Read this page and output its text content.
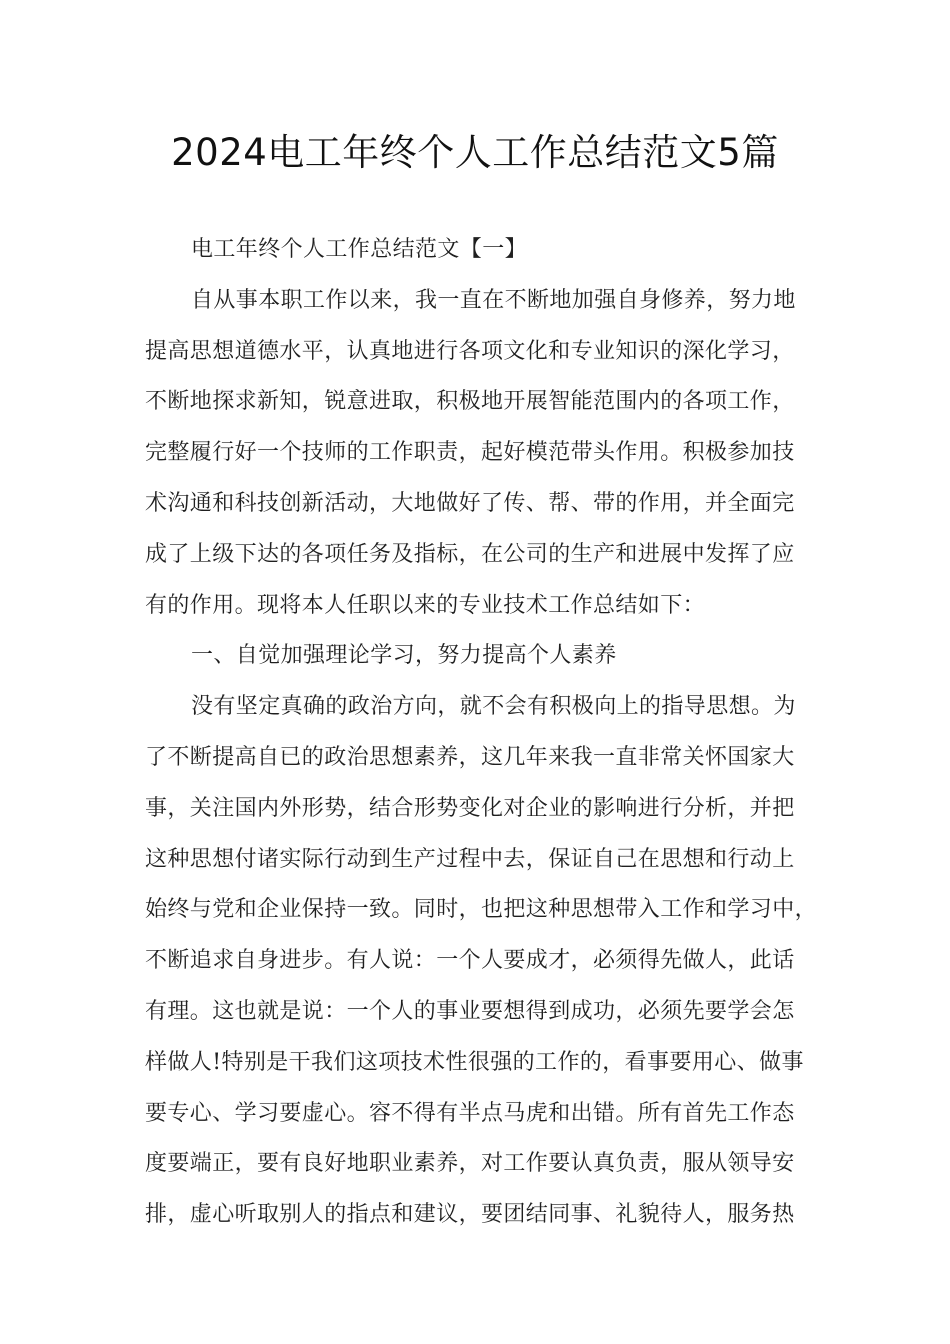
2024电工年终个人工作总结范文5篇
电工年终个人工作总结范文【一】
自从事本职工作以来，我一直在不断地加强自身修养，努力地
提高思想道德水平，认真地进行各项文化和专业知识的深化学习，
不断地探求新知，锐意进取，积极地开展智能范围内的各项工作，
完整履行好一个技师的工作职责，起好模范带头作用。积极参加技
术沟通和科技创新活动，大地做好了传、帮、带的作用，并全面完
成了上级下达的各项任务及指标，在公司的生产和进展中发挥了应
有的作用。现将本人任职以来的专业技术工作总结如下：
一、自觉加强理论学习，努力提高个人素养
没有坚定真确的政治方向，就不会有积极向上的指导思想。为
了不断提高自已的政治思想素养，这几年来我一直非常关怀国家大
事，关注国内外形势，结合形势变化对企业的影响进行分析，并把
这种思想付诸实际行动到生产过程中去，保证自己在思想和行动上
始终与党和企业保持一致。同时，也把这种思想带入工作和学习中，
不断追求自身进步。有人说：一个人要成才，必须得先做人，此话
有理。这也就是说：一个人的事业要想得到成功，必须先要学会怎
样做人!特别是干我们这项技术性很强的工作的，看事要用心、做事
要专心、学习要虚心。容不得有半点马虎和出错。所有首先工作态
度要端正，要有良好地职业素养，对工作要认真负责，服从领导安
排，虚心听取别人的指点和建议，要团结同事、礼貌待人，服务热
